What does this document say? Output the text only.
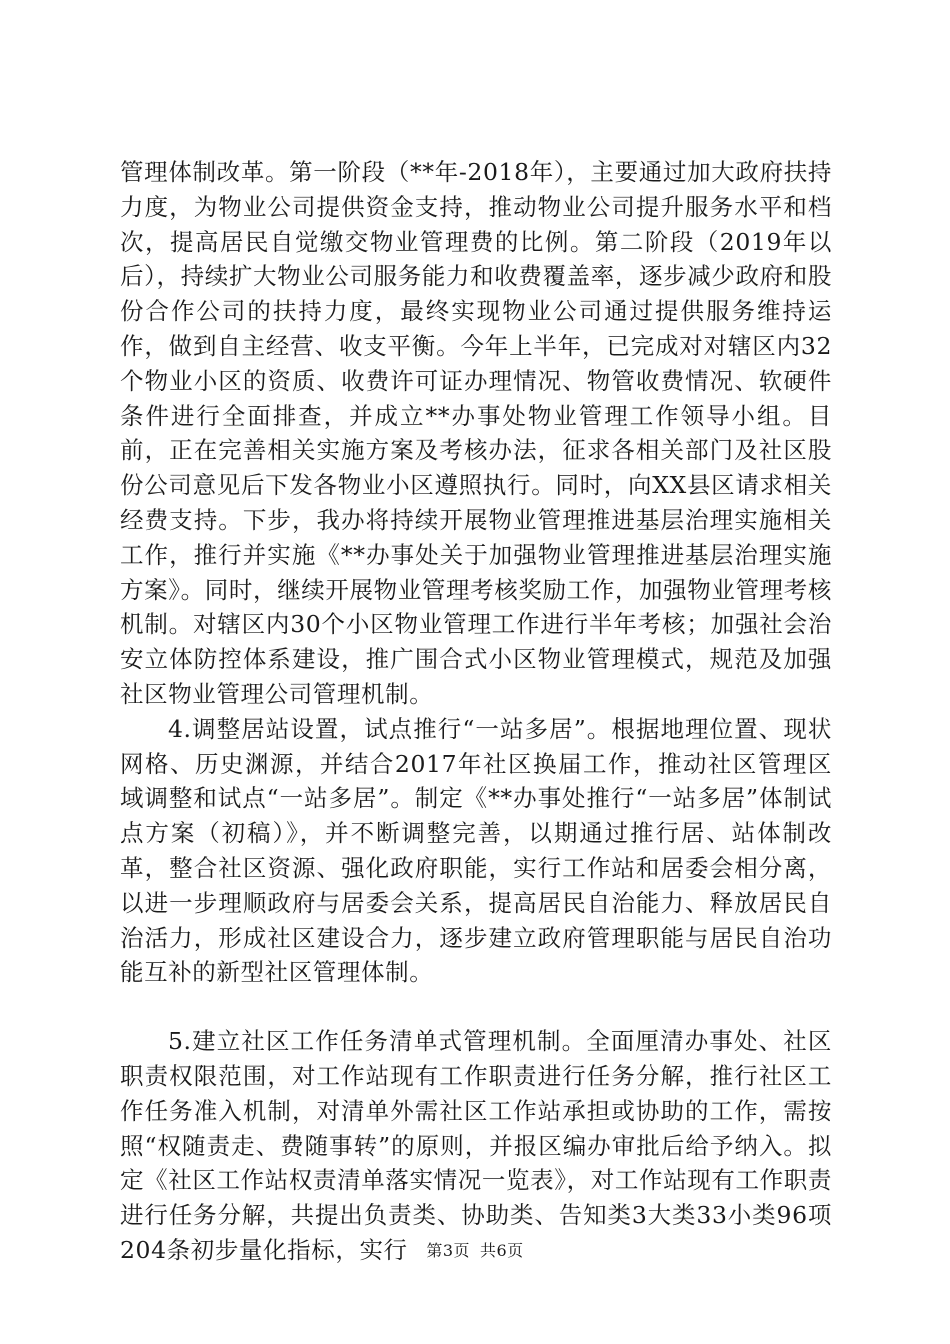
管理体制改革。第一阶段（**年-2018年），主要通过加大政府扶持力度，为物业公司提供资金支持，推动物业公司提升服务水平和档次，提高居民自觉缴交物业管理费的比例。第二阶段（2019年以后），持续扩大物业公司服务能力和收费覆盖率，逐步减少政府和股份合作公司的扶持力度，最终实现物业公司通过提供服务维持运作，做到自主经营、收支平衡。今年上半年，已完成对对辖区内32个物业小区的资质、收费许可证办理情况、物管收费情况、软硬件条件进行全面排查，并成立**办事处物业管理工作领导小组。目前，正在完善相关实施方案及考核办法，征求各相关部门及社区股份公司意见后下发各物业小区遵照执行。同时，向XX县区请求相关经费支持。下步，我办将持续开展物业管理推进基层治理实施相关工作，推行并实施《**办事处关于加强物业管理推进基层治理实施方案》。同时，继续开展物业管理考核奖励工作，加强物业管理考核机制。对辖区内30个小区物业管理工作进行半年考核；加强社会治安立体防控体系建设，推广围合式小区物业管理模式，规范及加强社区物业管理公司管理机制。

4.调整居站设置，试点推行“一站多居”。根据地理位置、现状网格、历史渊源，并结合2017年社区换届工作，推动社区管理区域调整和试点“一站多居”。制定《**办事处推行“一站多居”体制试点方案（初稿）》，并不断调整完善，以期通过推行居、站体制改革，整合社区资源、强化政府职能，实行工作站和居委会相分离，以进一步理顺政府与居委会关系，提高居民自治能力、释放居民自治活力，形成社区建设合力，逐步建立政府管理职能与居民自治功能互补的新型社区管理体制。

5.建立社区工作任务清单式管理机制。全面厘清办事处、社区职责权限范围，对工作站现有工作职责进行任务分解，推行社区工作任务准入机制，对清单外需社区工作站承担或协助的工作，需按照“权随责走、费随事转”的原则，并报区编办审批后给予纳入。拟定《社区工作站权责清单落实情况一览表》，对工作站现有工作职责进行任务分解，共提出负责类、协助类、告知类3大类33小类96项204条初步量化指标，实行	第3页 共6页
